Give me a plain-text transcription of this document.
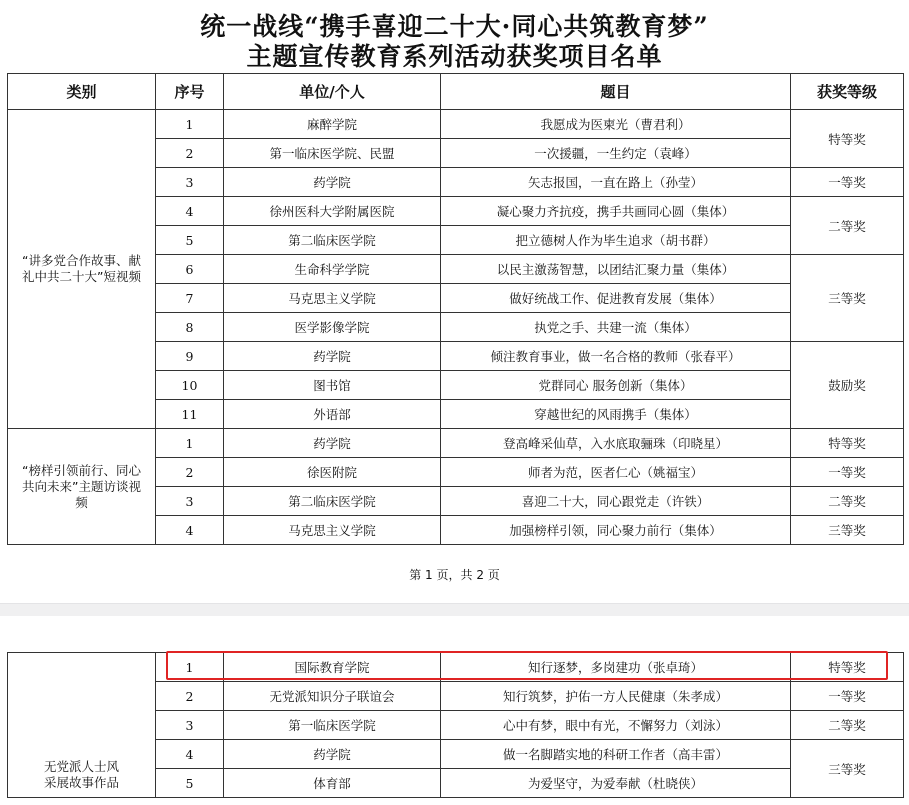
统一战线“携手喜迎二十大·同心共筑教育梦”
主题宣传教育系列活动获奖项目名单
类别	序号	单位/个人	题目	获奖等级

“讲多党合作故事、献礼中共二十大”短视频	1	麻醉学院	我愿成为医柬光（曹君利）	特等奖
	2	第一临床医学院、民盟	一次援疆，一生约定（袁峰）	
	3	药学院	矢志报国，一直在路上（孙莹）	一等奖
	4	徐州医科大学附属医院	凝心聚力齐抗疫，携手共画同心圆（集体）	二等奖
	5	第二临床医学院	把立德树人作为毕生追求（胡书群）	
	6	生命科学学院	以民主激荡智慧，以团结汇聚力量（集体）	三等奖
	7	马克思主义学院	做好统战工作、促进教育发展（集体）	
	8	医学影像学院	执党之手、共建一流（集体）	
	9	药学院	倾注教育事业，做一名合格的教师（张春平）	鼓励奖
	10	图书馆	党群同心 服务创新（集体）	
	11	外语部	穿越世纪的风雨携手（集体）	

“榜样引领前行、同心共向未来”主题访谈视频	1	药学院	登高峰采仙草，入水底取骊珠（印晓星）	特等奖
	2	徐医附院	师者为范，医者仁心（姚福宝）	一等奖
	3	第二临床医学院	喜迎二十大，同心跟党走（许铁）	二等奖
	4	马克思主义学院	加强榜样引领，同心聚力前行（集体）	三等奖
第 1 页，共 2 页
无党派人士风采展故事作品	1	国际教育学院	知行逐梦，多岗建功（张卓琦）	特等奖
	2	无党派知识分子联谊会	知行筑梦，护佑一方人民健康（朱孝成）	一等奖
	3	第一临床医学院	心中有梦，眼中有光，不懈努力（刘泳）	二等奖
	4	药学院	做一名脚踏实地的科研工作者（高丰雷）	三等奖
	5	体育部	为爱坚守，为爱奉献（杜晓侠）	
